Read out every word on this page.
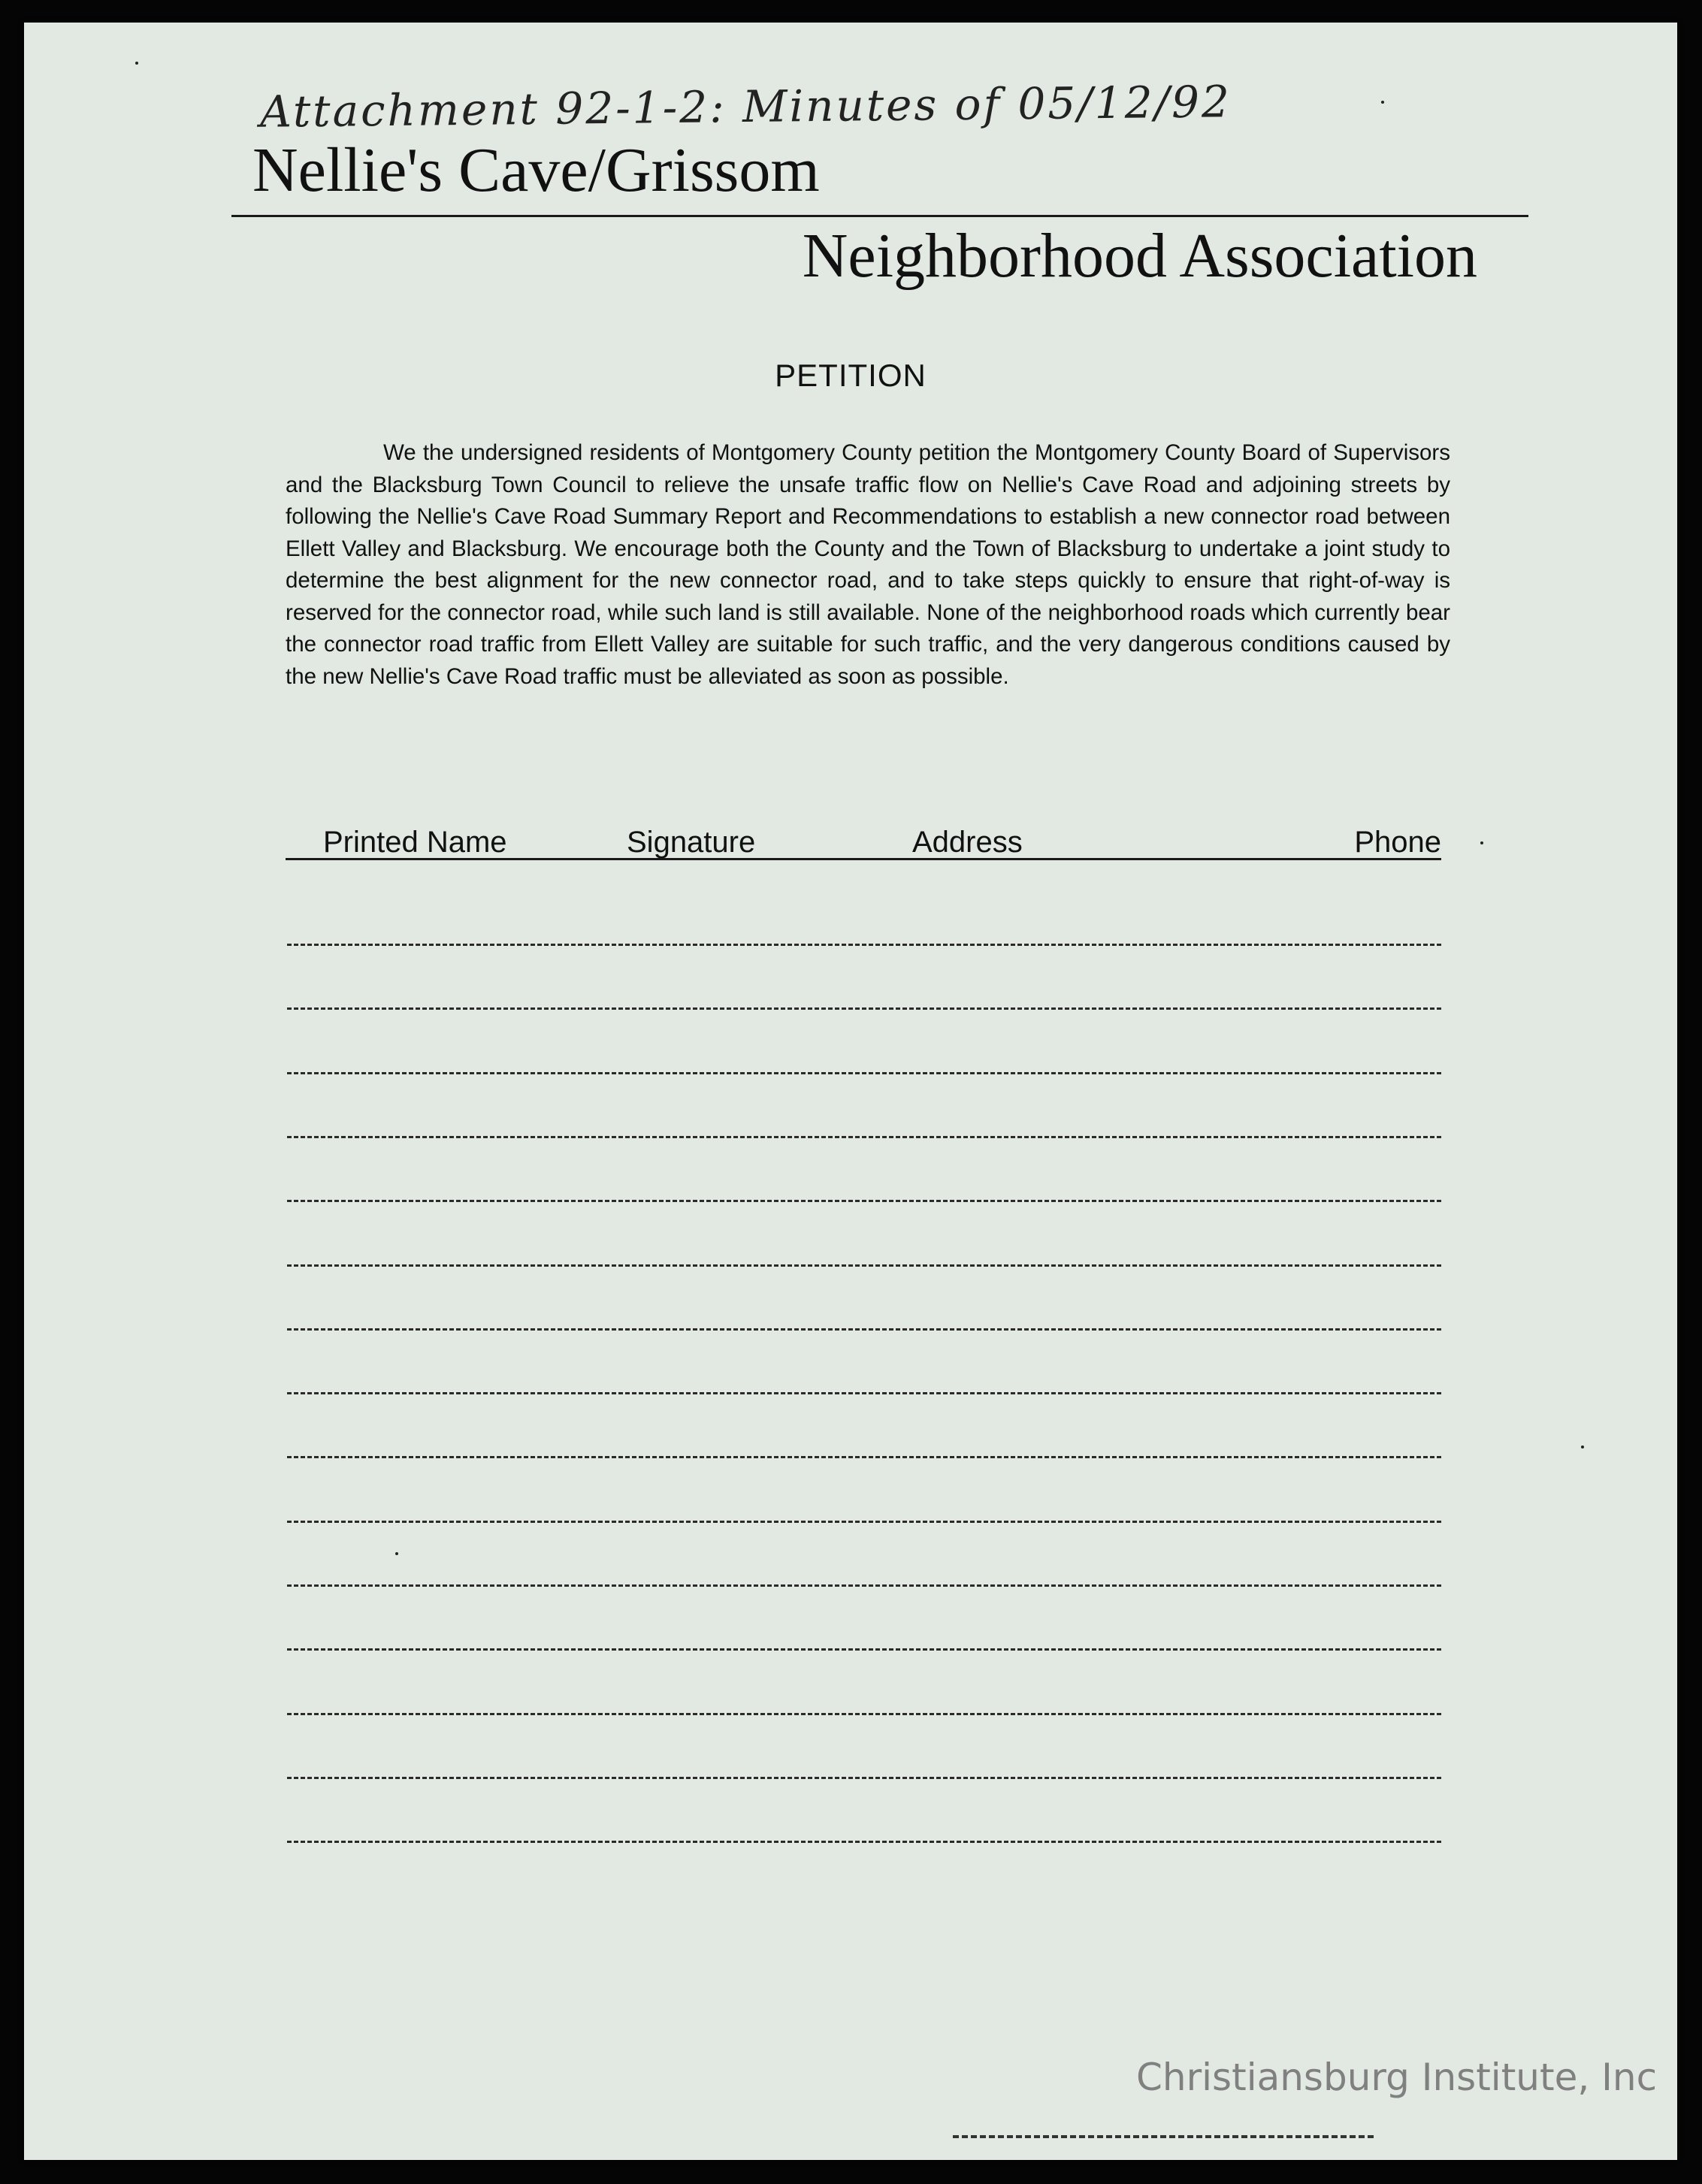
Attachment 92-1-2: Minutes of 05/12/92
Nellie's Cave/Grissom
Neighborhood Association
PETITION
We the undersigned residents of Montgomery County petition the Montgomery County Board of Supervisors and the Blacksburg Town Council to relieve the unsafe traffic flow on Nellie's Cave Road and adjoining streets by following the Nellie's Cave Road Summary Report and Recommendations to establish a new connector road between Ellett Valley and Blacksburg. We encourage both the County and the Town of Blacksburg to undertake a joint study to determine the best alignment for the new connector road, and to take steps quickly to ensure that right-of-way is reserved for the connector road, while such land is still available. None of the neighborhood roads which currently bear the connector road traffic from Ellett Valley are suitable for such traffic, and the very dangerous conditions caused by the new Nellie's Cave Road traffic must be alleviated as soon as possible.
Printed Name	Signature	Address	Phone
Christiansburg Institute, Inc
